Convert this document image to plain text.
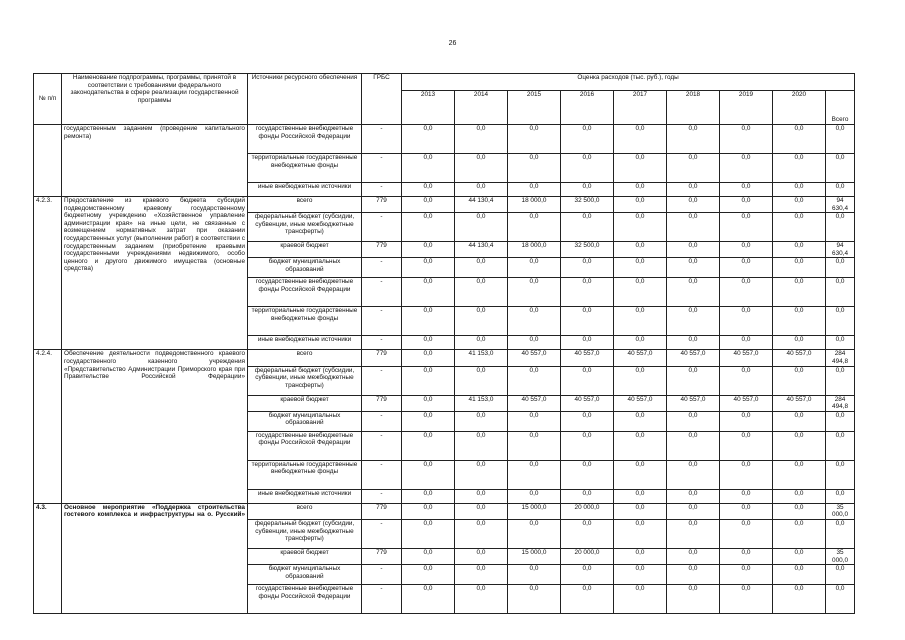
26
№ п/п	Наименование подпрограммы, программы, принятой в соответствии с требованиями федерального законодательства в сфере реализации государственной программы	Источники ресурсного обеспечения	ГРБС	Оценка расходов (тыс. руб.), годы								
				2013	2014	2015	2016	2017	2018	2019	2020	Всего
	государственным заданием (проведение капитального ремонта)	государственные внебюджетные фонды Российской Федерации	-	0,0	0,0	0,0	0,0	0,0	0,0	0,0	0,0	0,0
		территориальные государственные внебюджетные фонды	-	0,0	0,0	0,0	0,0	0,0	0,0	0,0	0,0	0,0
		иные внебюджетные источники	-	0,0	0,0	0,0	0,0	0,0	0,0	0,0	0,0	0,0
4.2.3.	Предоставление из краевого бюджета субсидий подведомственному краевому государственному бюджетному учреждению «Хозяйственное управление администрации края» на иные цели, не связанные с возмещением нормативных затрат при оказании государственных услуг (выполнении работ) в соответствии с государственным заданием (приобретение краевыми государственными учреждениями недвижимого, особо ценного и другого движимого имущества (основные средства)	всего	779	0,0	44 130,4	18 000,0	32 500,0	0,0	0,0	0,0	0,0	94 630,4
		федеральный бюджет (субсидии, субвенции, иные межбюджетные трансферты)	-	0,0	0,0	0,0	0,0	0,0	0,0	0,0	0,0	0,0
		краевой бюджет	779	0,0	44 130,4	18 000,0	32 500,0	0,0	0,0	0,0	0,0	94 630,4
		бюджет муниципальных образований	-	0,0	0,0	0,0	0,0	0,0	0,0	0,0	0,0	0,0
		государственные внебюджетные фонды Российской Федерации	-	0,0	0,0	0,0	0,0	0,0	0,0	0,0	0,0	0,0
		территориальные государственные внебюджетные фонды	-	0,0	0,0	0,0	0,0	0,0	0,0	0,0	0,0	0,0
		иные внебюджетные источники	-	0,0	0,0	0,0	0,0	0,0	0,0	0,0	0,0	0,0
4.2.4.	Обеспечение деятельности подведомственного краевого государственного казенного учреждения «Представительство Администрации Приморского края при Правительстве Российской Федерации»	всего	779	0,0	41 153,0	40 557,0	40 557,0	40 557,0	40 557,0	40 557,0	40 557,0	284 494,8
		федеральный бюджет (субсидии, субвенции, иные межбюджетные трансферты)	-	0,0	0,0	0,0	0,0	0,0	0,0	0,0	0,0	0,0
		краевой бюджет	779	0,0	41 153,0	40 557,0	40 557,0	40 557,0	40 557,0	40 557,0	40 557,0	284 494,8
		бюджет муниципальных образований	-	0,0	0,0	0,0	0,0	0,0	0,0	0,0	0,0	0,0
		государственные внебюджетные фонды Российской Федерации	-	0,0	0,0	0,0	0,0	0,0	0,0	0,0	0,0	0,0
		территориальные государственные внебюджетные фонды	-	0,0	0,0	0,0	0,0	0,0	0,0	0,0	0,0	0,0
		иные внебюджетные источники	-	0,0	0,0	0,0	0,0	0,0	0,0	0,0	0,0	0,0
4.3.	Основное мероприятие «Поддержка строительства гостевого комплекса и инфраструктуры на о. Русский»	всего	779	0,0	0,0	15 000,0	20 000,0	0,0	0,0	0,0	0,0	35 000,0
		федеральный бюджет (субсидии, субвенции, иные межбюджетные трансферты)	-	0,0	0,0	0,0	0,0	0,0	0,0	0,0	0,0	0,0
		краевой бюджет	779	0,0	0,0	15 000,0	20 000,0	0,0	0,0	0,0	0,0	35 000,0
		бюджет муниципальных образований	-	0,0	0,0	0,0	0,0	0,0	0,0	0,0	0,0	0,0
		государственные внебюджетные фонды Российской Федерации	-	0,0	0,0	0,0	0,0	0,0	0,0	0,0	0,0	0,0
